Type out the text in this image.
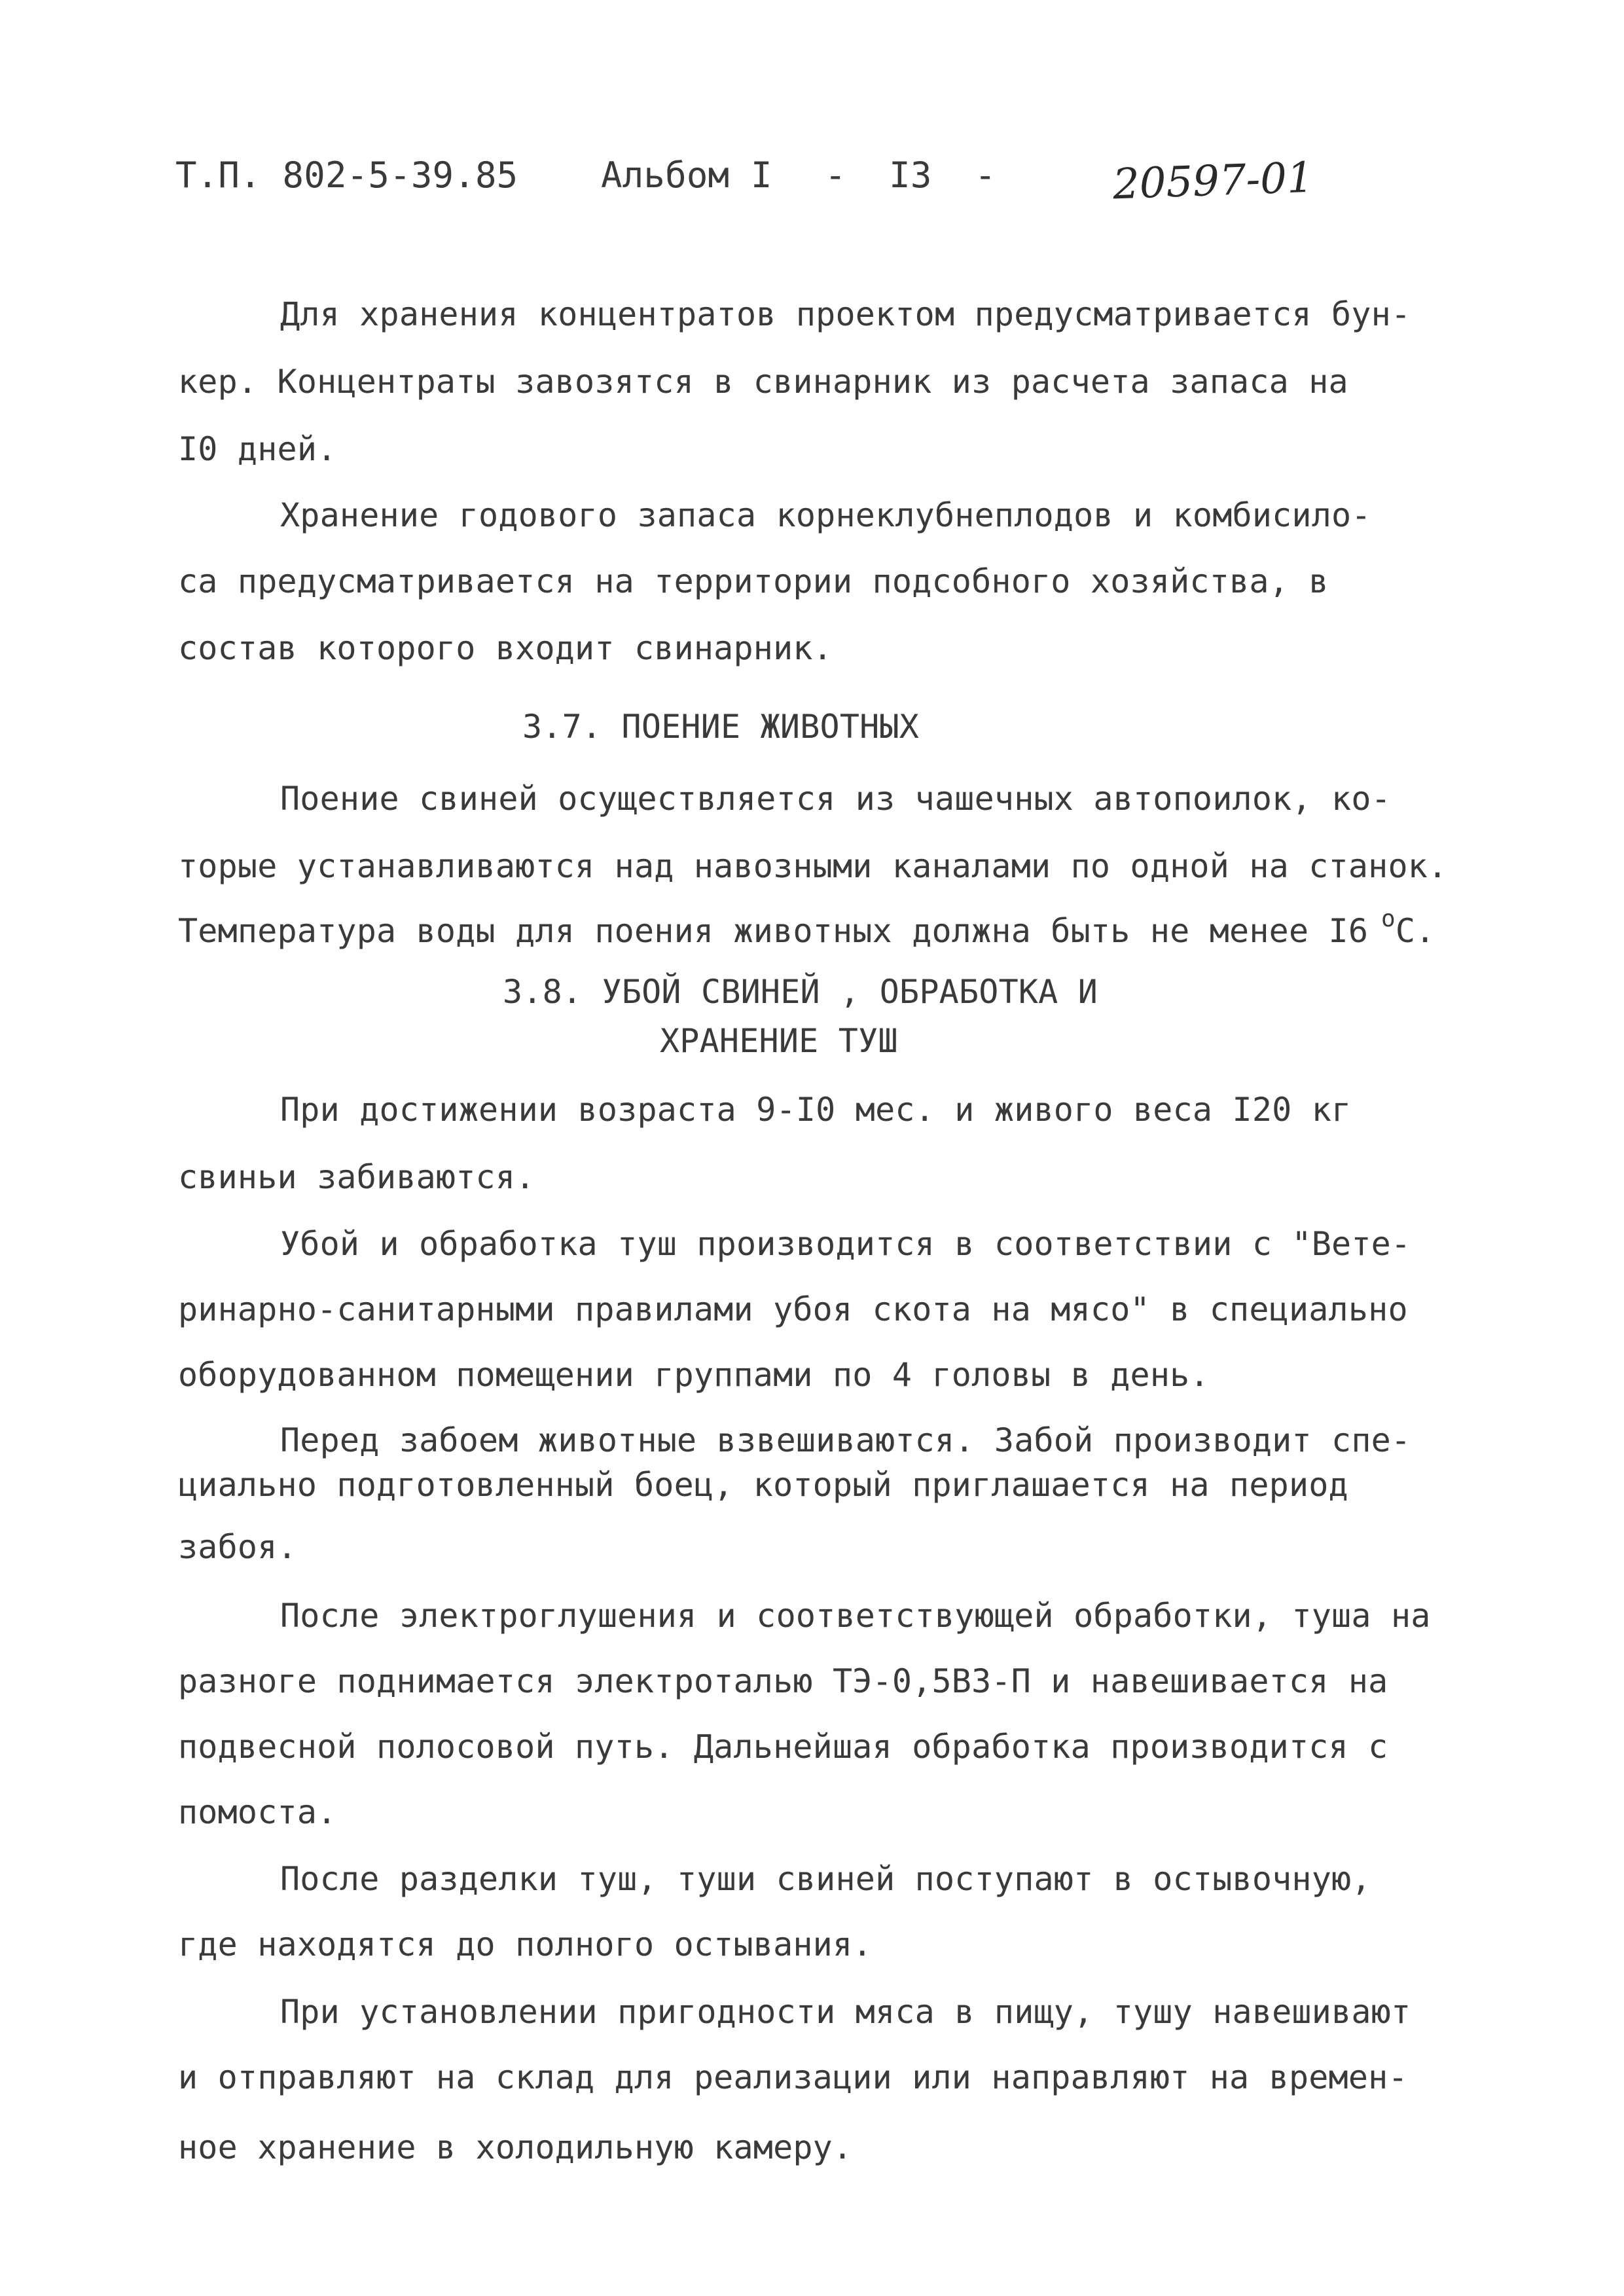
Т.П. 802-5-39.85 Альбом I -  I3  -	20597-01
Для хранения концентратов проектом предусматривается бун-
кер. Концентраты завозятся в свинарник из расчета запаса на
I0 дней.
Хранение годового запаса корнеклубнеплодов и комбисило-
са предусматривается на территории подсобного хозяйства, в
состав которого входит свинарник.
3.7. ПОЕНИЕ ЖИВОТНЫХ
Поение свиней осуществляется из чашечных автопоилок, ко-
торые устанавливаются над навозными каналами по одной на станок.
Температура воды для поения животных должна быть не менее I6 $^о$С.
3.8. УБОЙ СВИНЕЙ , ОБРАБОТКА И
ХРАНЕНИЕ ТУШ
При достижении возраста 9-I0 мес. и живого веса I20 кг
свиньи забиваются.
Убой и обработка туш производится в соответствии с "Вете-
ринарно-санитарными правилами убоя скота на мясо" в специально
оборудованном помещении группами по 4 головы в день.
Перед забоем животные взвешиваются. Забой производит спе-
циально подготовленный боец, который приглашается на период
забоя.
После электроглушения и соответствующей обработки, туша на
разноге поднимается электроталью ТЭ-0,5В3-П и навешивается на
подвесной полосовой путь. Дальнейшая обработка производится с
помоста.
После разделки туш, туши свиней поступают в остывочную,
где находятся до полного остывания.
При установлении пригодности мяса в пищу, тушу навешивают
и отправляют на склад для реализации или направляют на времен-
ное хранение в холодильную камеру.
